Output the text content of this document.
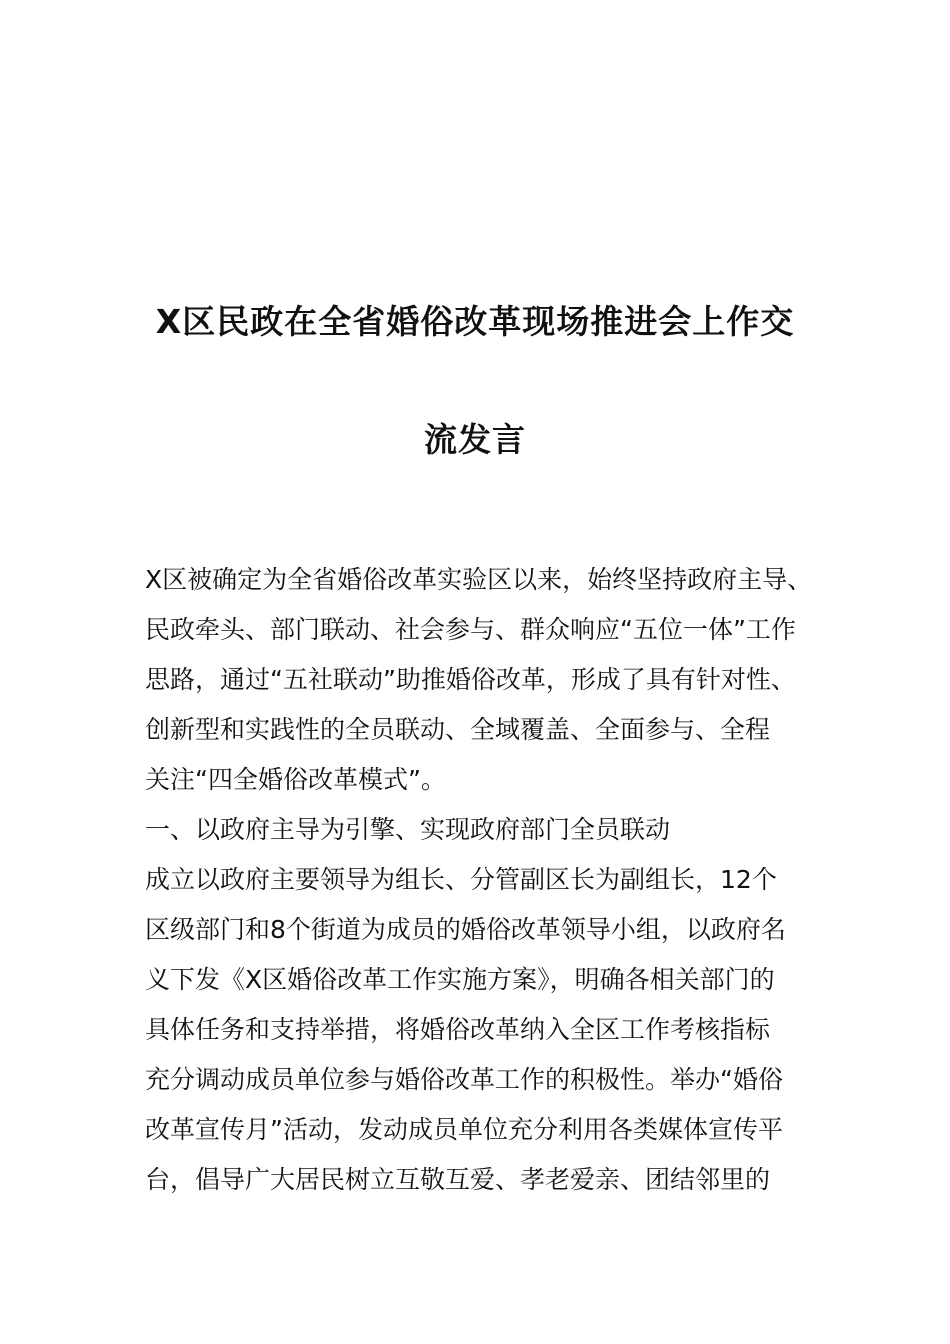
X区民政在全省婚俗改革现场推进会上作交
流发言
X区被确定为全省婚俗改革实验区以来，始终坚持政府主导、
民政牵头、部门联动、社会参与、群众响应“五位一体”工作
思路，通过“五社联动”助推婚俗改革，形成了具有针对性、
创新型和实践性的全员联动、全域覆盖、全面参与、全程
关注“四全婚俗改革模式”。
一、以政府主导为引擎、实现政府部门全员联动
成立以政府主要领导为组长、分管副区长为副组长，12个
区级部门和8个街道为成员的婚俗改革领导小组，以政府名
义下发《X区婚俗改革工作实施方案》，明确各相关部门的
具体任务和支持举措，将婚俗改革纳入全区工作考核指标
充分调动成员单位参与婚俗改革工作的积极性。举办“婚俗
改革宣传月”活动，发动成员单位充分利用各类媒体宣传平
台，倡导广大居民树立互敬互爱、孝老爱亲、团结邻里的
